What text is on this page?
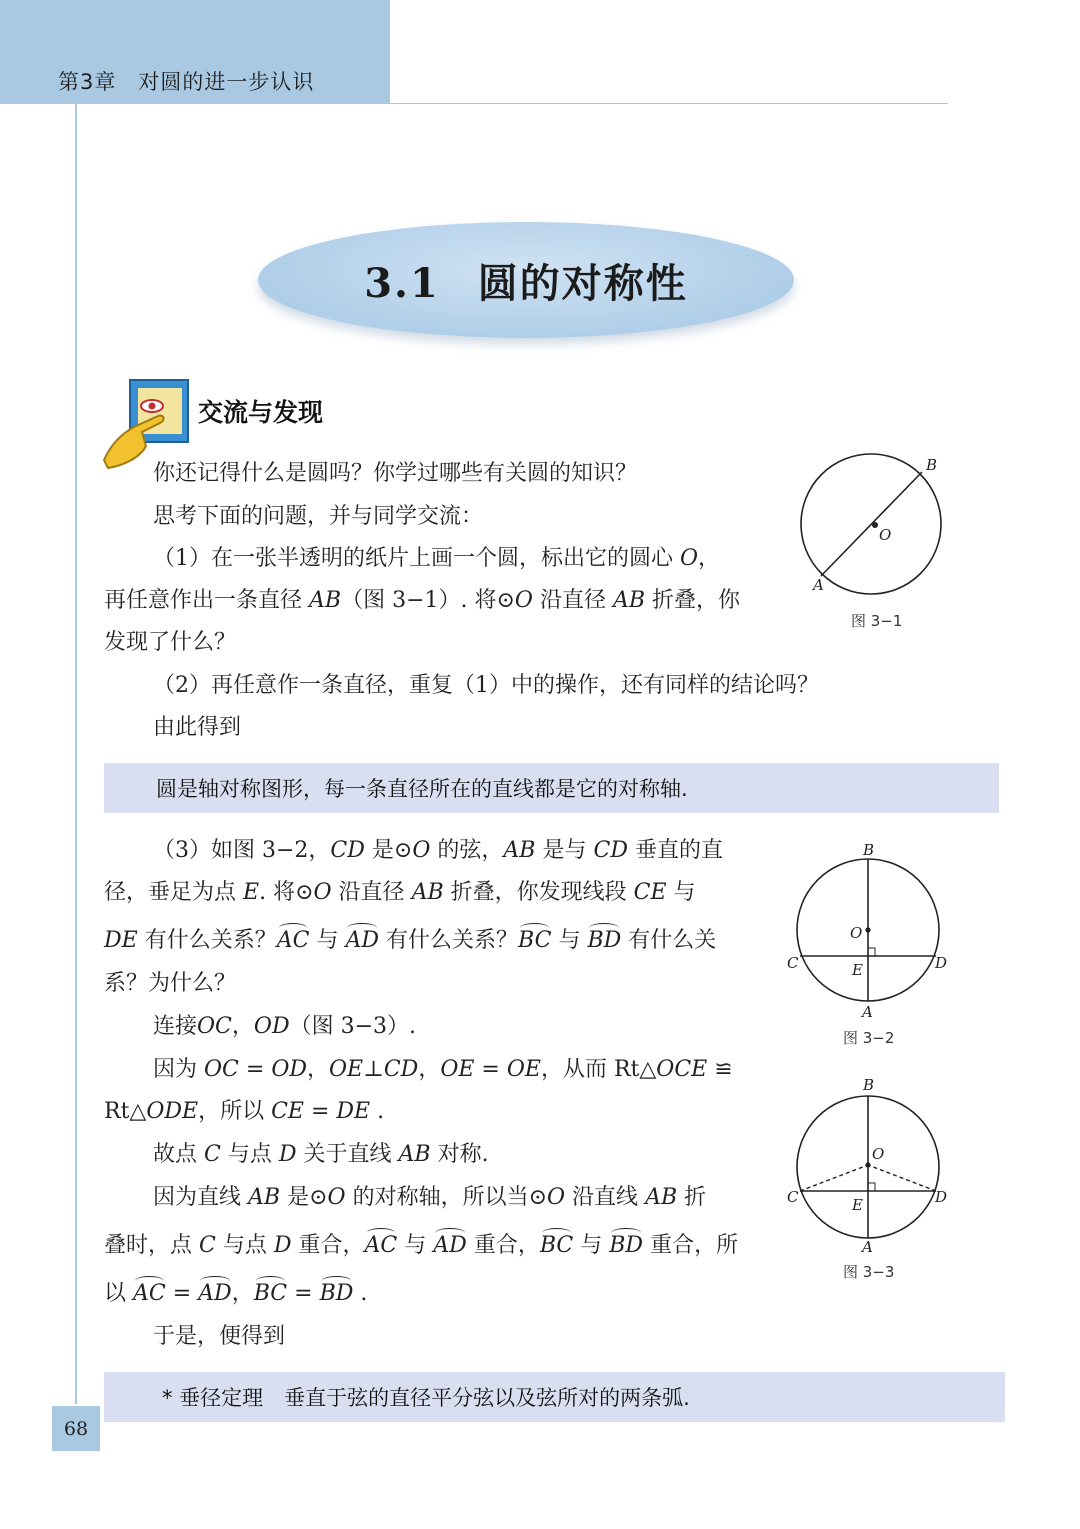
第3章　对圆的进一步认识
3.1 圆的对称性
交流与发现
你还记得什么是圆吗？你学过哪些有关圆的知识？
思考下面的问题，并与同学交流：
（1）在一张半透明的纸片上画一个圆，标出它的圆心 O，
再任意作出一条直径 AB（图 3−1）. 将⊙O 沿直径 AB 折叠，你
发现了什么？
B
O
A
图 3−1
（2）再任意作一条直径，重复（1）中的操作，还有同样的结论吗？
由此得到
圆是轴对称图形，每一条直径所在的直线都是它的对称轴.
（3）如图 3−2，CD 是⊙O 的弦，AB 是与 CD 垂直的直
径，垂足为点 E. 将⊙O 沿直径 AB 折叠，你发现线段 CE 与
DE 有什么关系？AC 与 AD 有什么关系？BC 与 BD 有什么关
系？为什么？
连接OC，OD（图 3−3）.
因为 OC = OD，OE⊥CD，OE = OE，从而 Rt△OCE ≌
Rt△ODE，所以 CE = DE .
故点 C 与点 D 关于直线 AB 对称.
因为直线 AB 是⊙O 的对称轴，所以当⊙O 沿直线 AB 折
叠时，点 C 与点 D 重合，AC 与 AD 重合，BC 与 BD 重合，所
以 AC = AD，BC = BD .
于是，便得到
B
O
C	E	D
A
图 3−2
B
O
C	E	D
A
图 3−3
* 垂径定理　垂直于弦的直径平分弦以及弦所对的两条弧.
68
